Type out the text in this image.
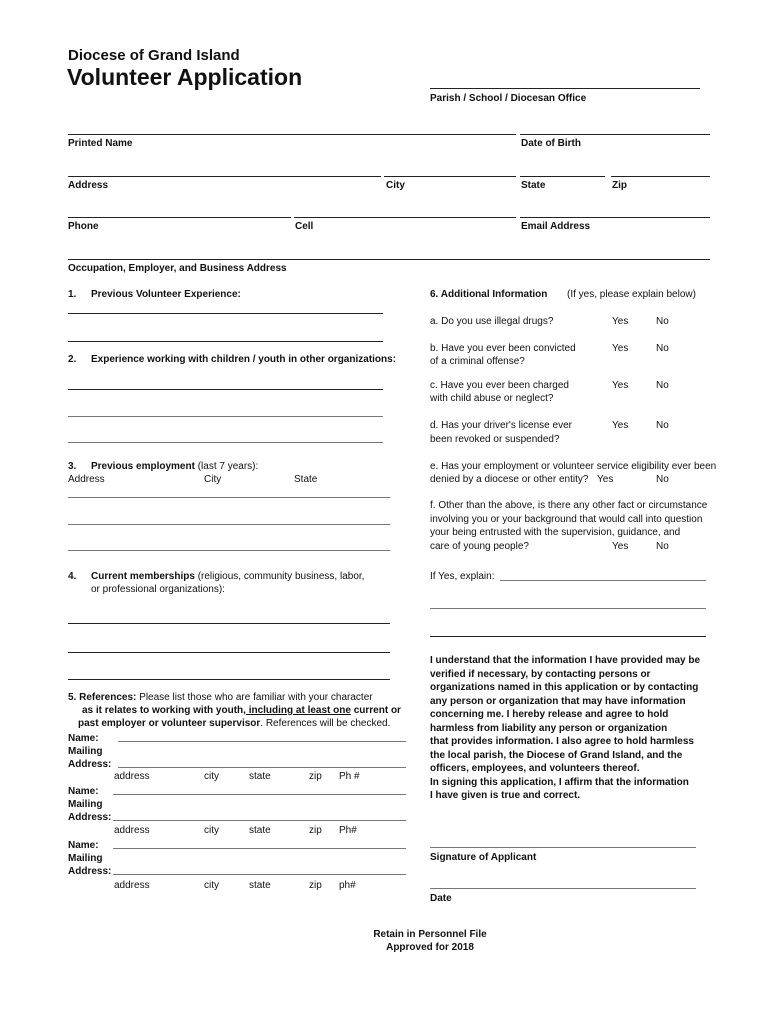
Diocese of Grand Island
Volunteer Application
Parish / School / Diocesan Office
Printed Name	Date of Birth
Address	City	State	Zip
Phone	Cell	Email Address
Occupation, Employer, and Business Address
1. Previous Volunteer Experience:
2. Experience working with children / youth in other organizations:
3. Previous employment (last 7 years):
Address	City	State
4. Current memberships (religious, community business, labor,
or professional organizations):
5. References: Please list those who are familiar with your character
as it relates to working with youth, including at least one current or
past employer or volunteer supervisor. References will be checked.
Name:
Mailing
Address:
address	city	state	zip Ph #
Name:
Mailing
Address:
address	city	state	zip Ph#
Name:
Mailing
Address:
address	city	state	zip ph#
6. Additional Information (If yes, please explain below)
a. Do you use illegal drugs?	Yes	No
b. Have you ever been convicted
of a criminal offense?
Yes	No
c. Have you ever been charged
with child abuse or neglect?
Yes	No
d. Has your driver's license ever
been revoked or suspended?
Yes	No
e. Has your employment or volunteer service eligibility ever been
denied by a diocese or other entity? Yes	No
f. Other than the above, is there any other fact or circumstance
involving you or your background that would call into question
your being entrusted with the supervision, guidance, and
care of young people?	Yes	No
If Yes, explain:
I understand that the information I have provided may be
verified if necessary, by contacting persons or
organizations named in this application or by contacting
any person or organization that may have information
concerning me. I hereby release and agree to hold
harmless from liability any person or organization
that provides information. I also agree to hold harmless
the local parish, the Diocese of Grand Island, and the
officers, employees, and volunteers thereof.
In signing this application, I affirm that the information
I have given is true and correct.
Signature of Applicant
Date
Retain in Personnel File
Approved for 2018
